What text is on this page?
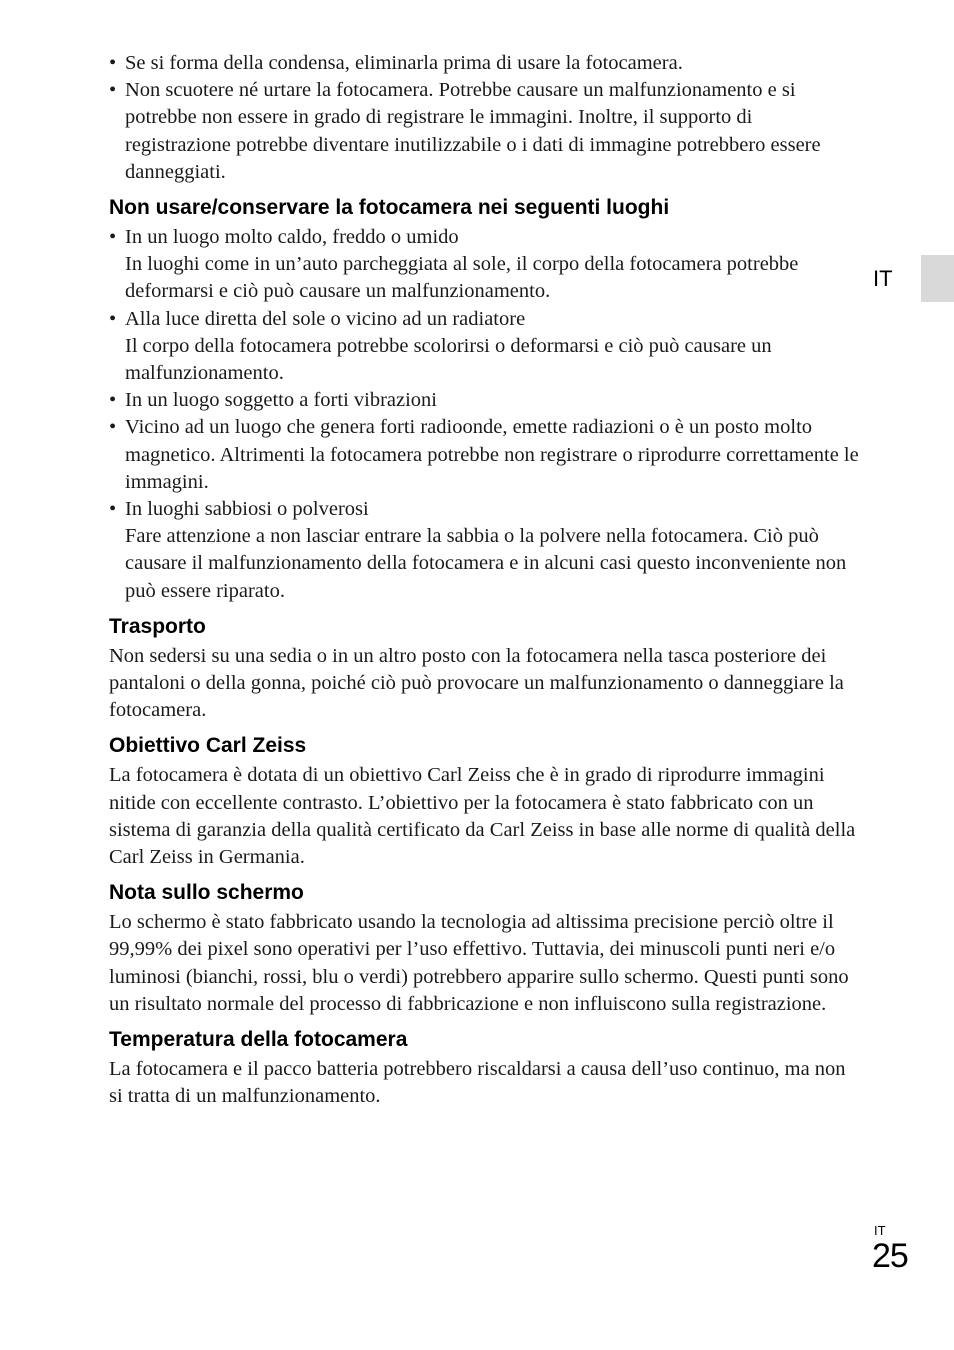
IT
• Se si forma della condensa, eliminarla prima di usare la fotocamera.
• Non scuotere né urtare la fotocamera. Potrebbe causare un malfunzionamento e si potrebbe non essere in grado di registrare le immagini. Inoltre, il supporto di registrazione potrebbe diventare inutilizzabile o i dati di immagine potrebbero essere danneggiati.
Non usare/conservare la fotocamera nei seguenti luoghi
• In un luogo molto caldo, freddo o umido
In luoghi come in un’auto parcheggiata al sole, il corpo della fotocamera potrebbe deformarsi e ciò può causare un malfunzionamento.
• Alla luce diretta del sole o vicino ad un radiatore
Il corpo della fotocamera potrebbe scolorirsi o deformarsi e ciò può causare un malfunzionamento.
• In un luogo soggetto a forti vibrazioni
• Vicino ad un luogo che genera forti radioonde, emette radiazioni o è un posto molto magnetico. Altrimenti la fotocamera potrebbe non registrare o riprodurre correttamente le immagini.
• In luoghi sabbiosi o polverosi
Fare attenzione a non lasciar entrare la sabbia o la polvere nella fotocamera. Ciò può causare il malfunzionamento della fotocamera e in alcuni casi questo inconveniente non può essere riparato.
Trasporto

Non sedersi su una sedia o in un altro posto con la fotocamera nella tasca posteriore dei pantaloni o della gonna, poiché ciò può provocare un malfunzionamento o danneggiare la fotocamera.

Obiettivo Carl Zeiss

La fotocamera è dotata di un obiettivo Carl Zeiss che è in grado di riprodurre immagini nitide con eccellente contrasto. L’obiettivo per la fotocamera è stato fabbricato con un sistema di garanzia della qualità certificato da Carl Zeiss in base alle norme di qualità della Carl Zeiss in Germania.

Nota sullo schermo

Lo schermo è stato fabbricato usando la tecnologia ad altissima precisione perciò oltre il 99,99% dei pixel sono operativi per l’uso effettivo. Tuttavia, dei minuscoli punti neri e/o luminosi (bianchi, rossi, blu o verdi) potrebbero apparire sullo schermo. Questi punti sono un risultato normale del processo di fabbricazione e non influiscono sulla registrazione.

Temperatura della fotocamera

La fotocamera e il pacco batteria potrebbero riscaldarsi a causa dell’uso continuo, ma non si tratta di un malfunzionamento.

IT
25
